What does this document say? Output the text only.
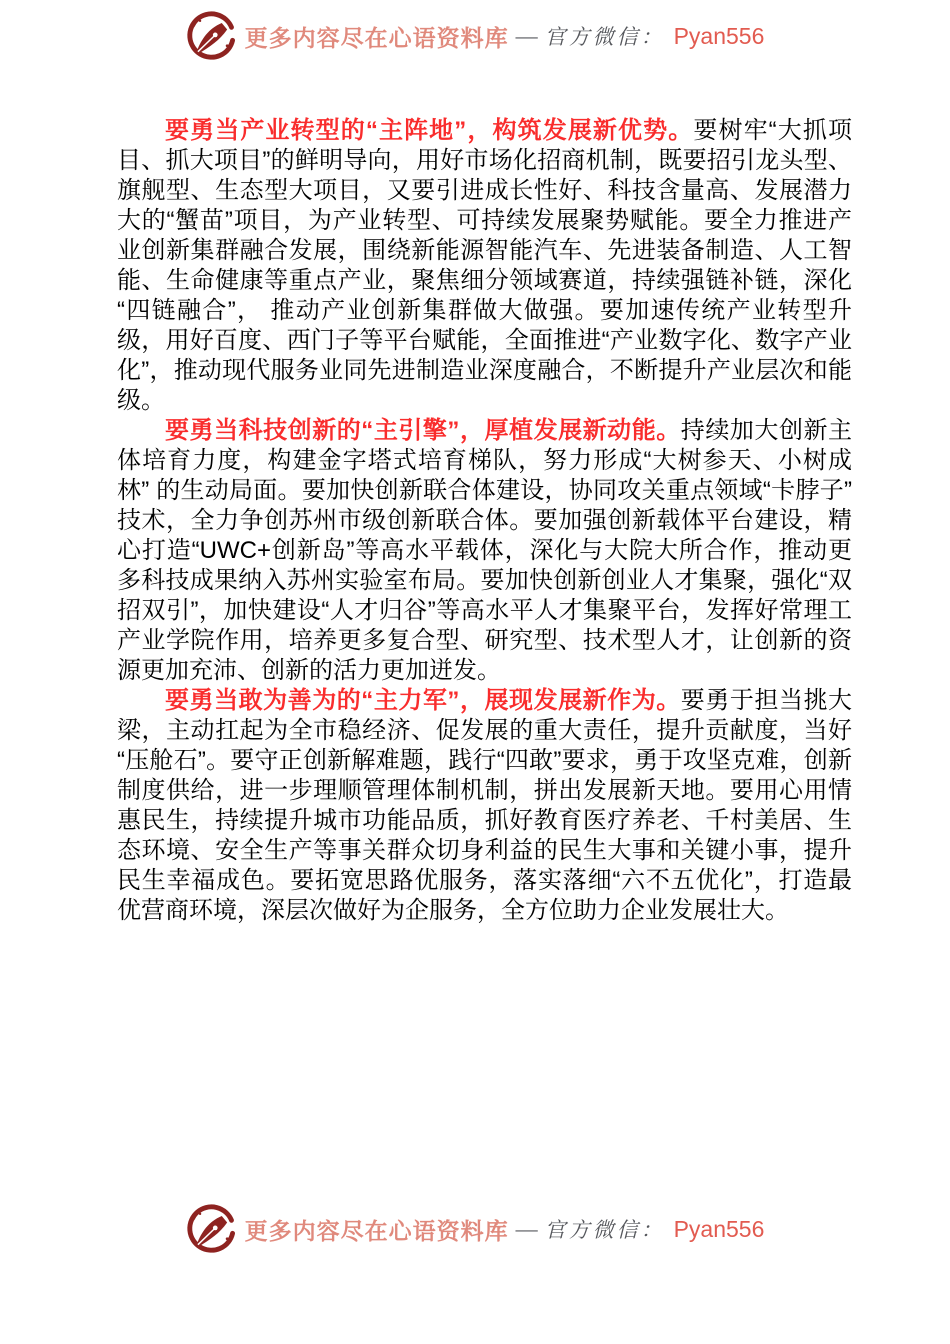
更多内容尽在心语资料库 — 官方微信： Pyan556

要勇当产业转型的“主阵地”，构筑发展新优势。要树牢“大抓项目、抓大项目”的鲜明导向，用好市场化招商机制，既要招引龙头型、旗舰型、生态型大项目，又要引进成长性好、科技含量高、发展潜力大的“蟹苗”项目，为产业转型、可持续发展聚势赋能。要全力推进产业创新集群融合发展，围绕新能源智能汽车、先进装备制造、人工智能、生命健康等重点产业，聚焦细分领域赛道，持续强链补链，深化“四链融合”， 推动产业创新集群做大做强。要加速传统产业转型升级，用好百度、西门子等平台赋能，全面推进“产业数字化、数字产业化”，推动现代服务业同先进制造业深度融合，不断提升产业层次和能级。

要勇当科技创新的“主引擎”，厚植发展新动能。持续加大创新主体培育力度，构建金字塔式培育梯队，努力形成“大树参天、小树成林” 的生动局面。要加快创新联合体建设，协同攻关重点领域“卡脖子”技术，全力争创苏州市级创新联合体。要加强创新载体平台建设，精心打造“UWC+创新岛”等高水平载体，深化与大院大所合作，推动更多科技成果纳入苏州实验室布局。要加快创新创业人才集聚，强化“双招双引”，加快建设“人才归谷”等高水平人才集聚平台，发挥好常理工产业学院作用，培养更多复合型、研究型、技术型人才，让创新的资源更加充沛、创新的活力更加迸发。

要勇当敢为善为的“主力军”，展现发展新作为。要勇于担当挑大梁，主动扛起为全市稳经济、促发展的重大责任，提升贡献度，当好“压舱石”。要守正创新解难题，践行“四敢”要求，勇于攻坚克难，创新制度供给，进一步理顺管理体制机制，拼出发展新天地。要用心用情惠民生，持续提升城市功能品质，抓好教育医疗养老、千村美居、生态环境、安全生产等事关群众切身利益的民生大事和关键小事，提升民生幸福成色。要拓宽思路优服务，落实落细“六不五优化”，打造最优营商环境，深层次做好为企服务，全方位助力企业发展壮大。

更多内容尽在心语资料库 — 官方微信： Pyan556
